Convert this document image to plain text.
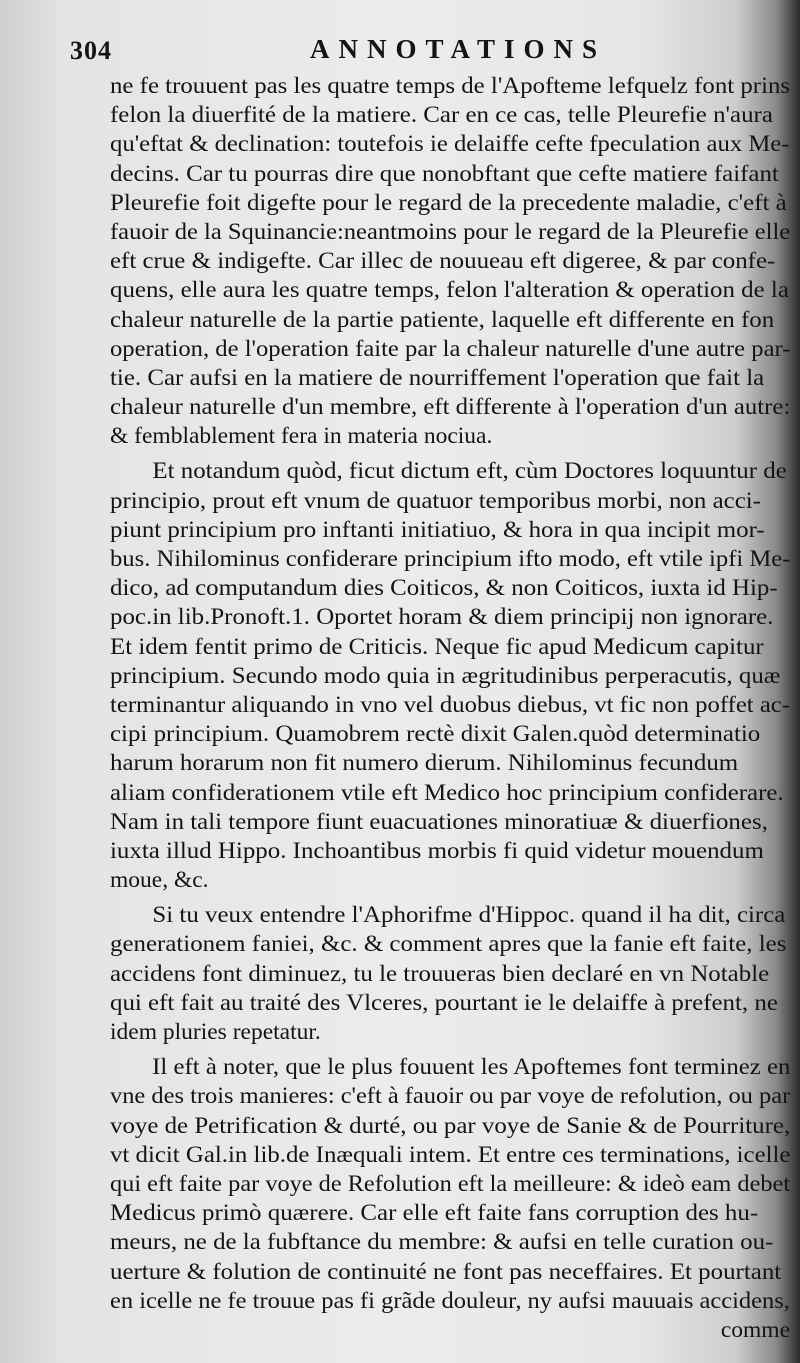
304	ANNOTATIONS
ne fe trouuent pas les quatre temps de l'Apofteme lefquelz font prins
felon la diuerfité de la matiere. Car en ce cas, telle Pleurefie n'aura
qu'eftat & declination: toutefois ie delaiffe cefte fpeculation aux Me-
decins. Car tu pourras dire que nonobftant que cefte matiere faifant
Pleurefie foit digefte pour le regard de la precedente maladie, c'eft à
fauoir de la Squinancie:neantmoins pour le regard de la Pleurefie elle
eft crue & indigefte. Car illec de nouueau eft digeree, & par confe-
quens, elle aura les quatre temps, felon l'alteration & operation de la
chaleur naturelle de la partie patiente, laquelle eft differente en fon
operation, de l'operation faite par la chaleur naturelle d'une autre par-
tie. Car aufsi en la matiere de nourriffement l'operation que fait la
chaleur naturelle d'un membre, eft differente à l'operation d'un autre:
& femblablement fera in materia nociua.
Et notandum quòd, ficut dictum eft, cùm Doctores loquuntur de
principio, prout eft vnum de quatuor temporibus morbi, non acci-
piunt principium pro inftanti initiatiuo, & hora in qua incipit mor-
bus. Nihilominus confiderare principium ifto modo, eft vtile ipfi Me-
dico, ad computandum dies Coiticos, & non Coiticos, iuxta id Hip-
poc.in lib.Pronoft.1. Oportet horam & diem principij non ignorare.
Et idem fentit primo de Criticis. Neque fic apud Medicum capitur
principium. Secundo modo quia in ægritudinibus perperacutis, quæ
terminantur aliquando in vno vel duobus diebus, vt fic non poffet ac-
cipi principium. Quamobrem rectè dixit Galen.quòd determinatio
harum horarum non fit numero dierum. Nihilominus fecundum
aliam confiderationem vtile eft Medico hoc principium confiderare.
Nam in tali tempore fiunt euacuationes minoratiuæ & diuerfiones,
iuxta illud Hippo. Inchoantibus morbis fi quid videtur mouendum
moue, &c.
Si tu veux entendre l'Aphorifme d'Hippoc. quand il ha dit, circa
generationem faniei, &c. & comment apres que la fanie eft faite, les
accidens font diminuez, tu le trouueras bien declaré en vn Notable
qui eft fait au traité des Vlceres, pourtant ie le delaiffe à prefent, ne
idem pluries repetatur.
Il eft à noter, que le plus fouuent les Apoftemes font terminez en
vne des trois manieres: c'eft à fauoir ou par voye de refolution, ou par
voye de Petrification & durté, ou par voye de Sanie & de Pourriture,
vt dicit Gal.in lib.de Inæquali intem. Et entre ces terminations, icelle
qui eft faite par voye de Refolution eft la meilleure: & ideò eam debet
Medicus primò quærere. Car elle eft faite fans corruption des hu-
meurs, ne de la fubftance du membre: & aufsi en telle curation ou-
uerture & folution de continuité ne font pas neceffaires. Et pourtant
en icelle ne fe trouue pas fi grãde douleur, ny aufsi mauuais accidens,
comme
